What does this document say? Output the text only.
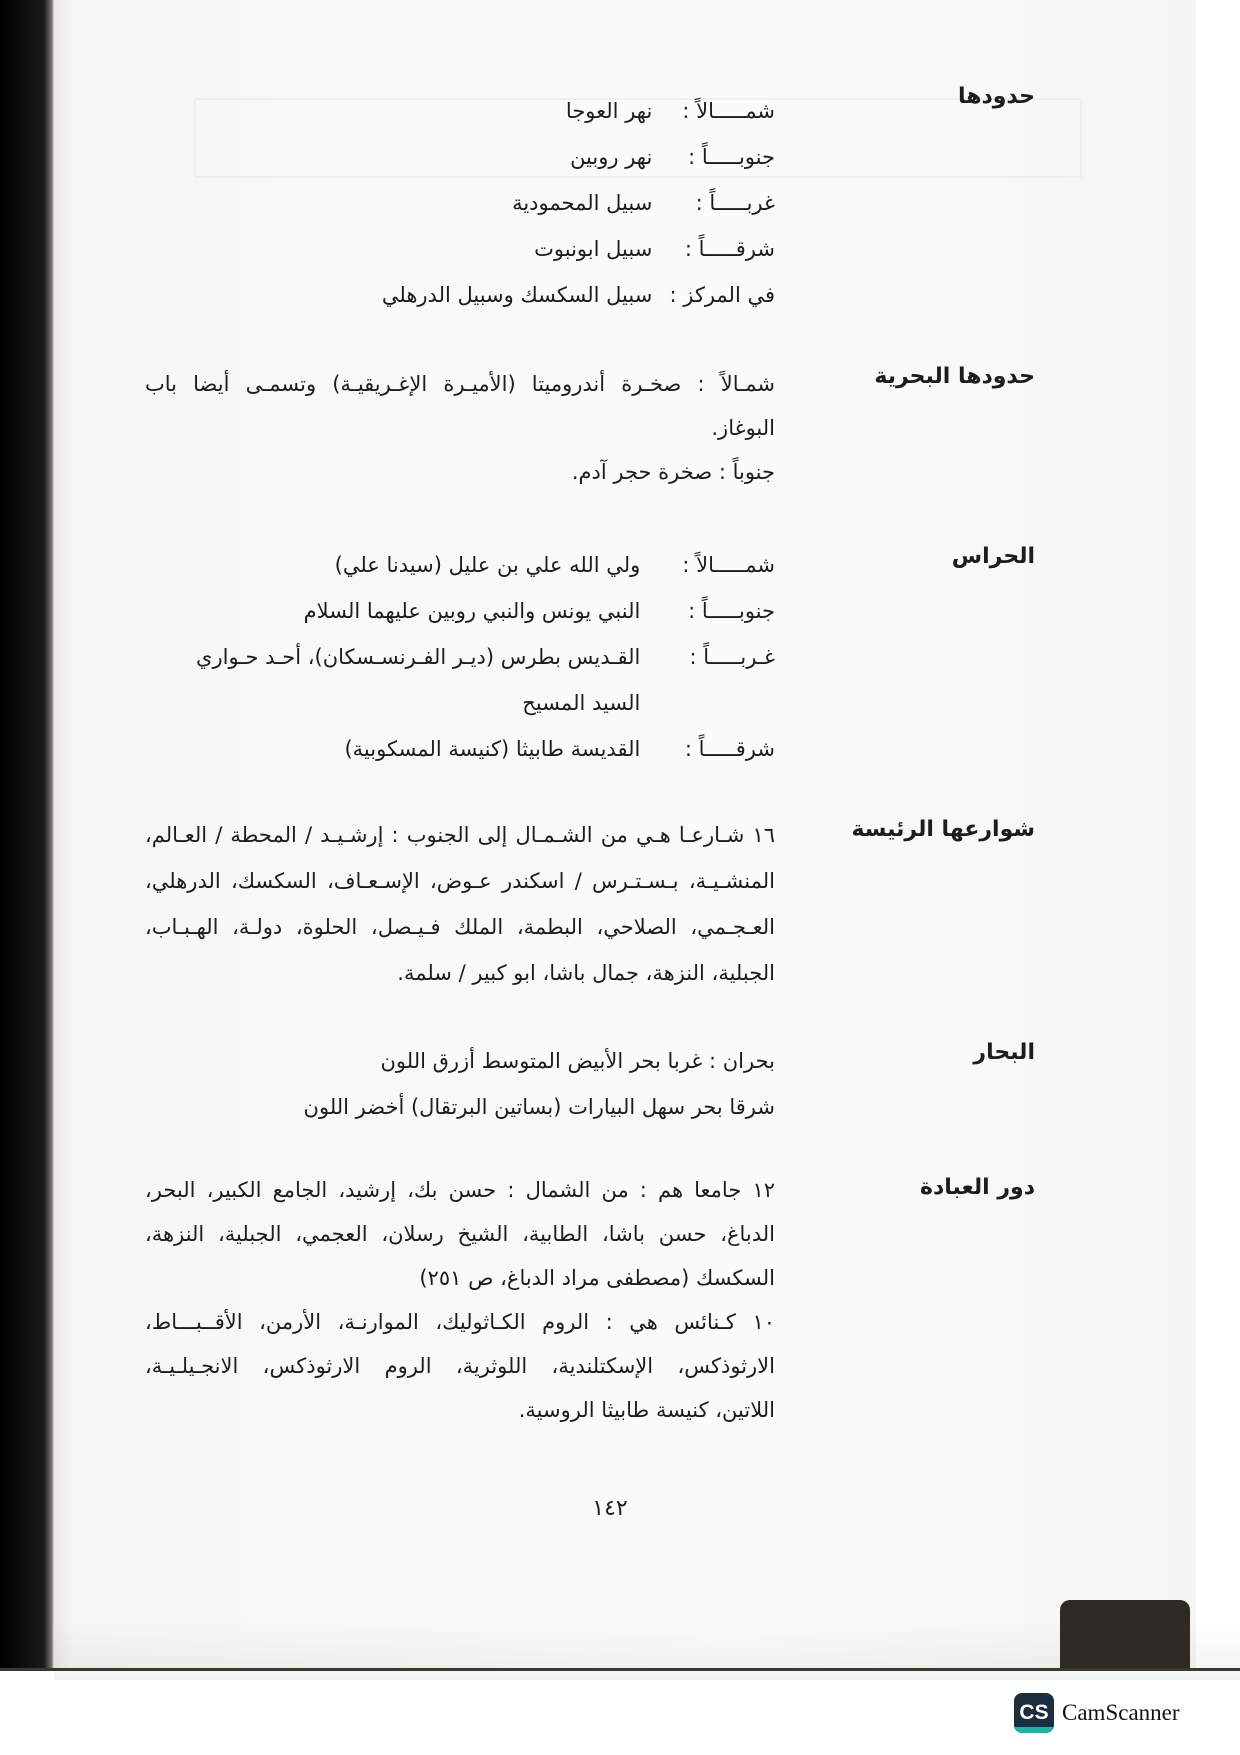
حدودها
شمـــــالاً : نهر العوجا
جنوبـــــاً : نهر روبين
غربـــــاً : سبيل المحمودية
شرقـــــاً : سبيل ابونبوت
في المركز : سبيل السكسك وسبيل الدرهلي
حدودها البحرية
شمـالاً : صخـرة أندروميتا (الأميـرة الإغـريقيـة) وتسمـى أيضا باب
البوغاز.
جنوباً : صخرة حجر آدم.
الحراس
شمـــــالاً : ولي الله علي بن عليل (سيدنا علي)
جنوبـــــاً : النبي يونس والنبي روبين عليهما السلام
غـربـــــاً : القـديس بطرس (ديـر الفـرنسـسكان)، أحـد حـواري
السيد المسيح
شرقـــــاً : القديسة طابيثا (كنيسة المسكوبية)
شوارعها الرئيسة
١٦ شـارعـا هـي من الشـمـال إلى الجنوب : إرشـيـد / المحطة / العـالم،
المنشـيـة، بـسـتـرس / اسكندر عـوض، الإسـعـاف، السكسك، الدرهلي،
العـجـمي، الصلاحي، البطمة، الملك فـيـصل، الحلوة، دولـة، الهـبـاب،
الجبلية، النزهة، جمال باشا، ابو كبير / سلمة.
البحار
بحران : غربا بحر الأبيض المتوسط أزرق اللون
شرقا بحر سهل البيارات (بساتين البرتقال) أخضر اللون
دور العبادة
١٢ جامعا هم : من الشمال : حسن بك، إرشيد، الجامع الكبير، البحر،
الدباغ، حسن باشا، الطابية، الشيخ رسلان، العجمي، الجبلية، النزهة،
السكسك (مصطفى مراد الدباغ، ص ٢٥١)
١٠ كـنائس هي : الروم الكـاثوليك، الموارنـة، الأرمن، الأقــبـــاط،
الارثوذكس، الإسكتلندية، اللوثرية، الروم الارثوذكس، الانجـيلـيـة،
اللاتين، كنيسة طابيثا الروسية.
١٤٢
CS CamScanner
